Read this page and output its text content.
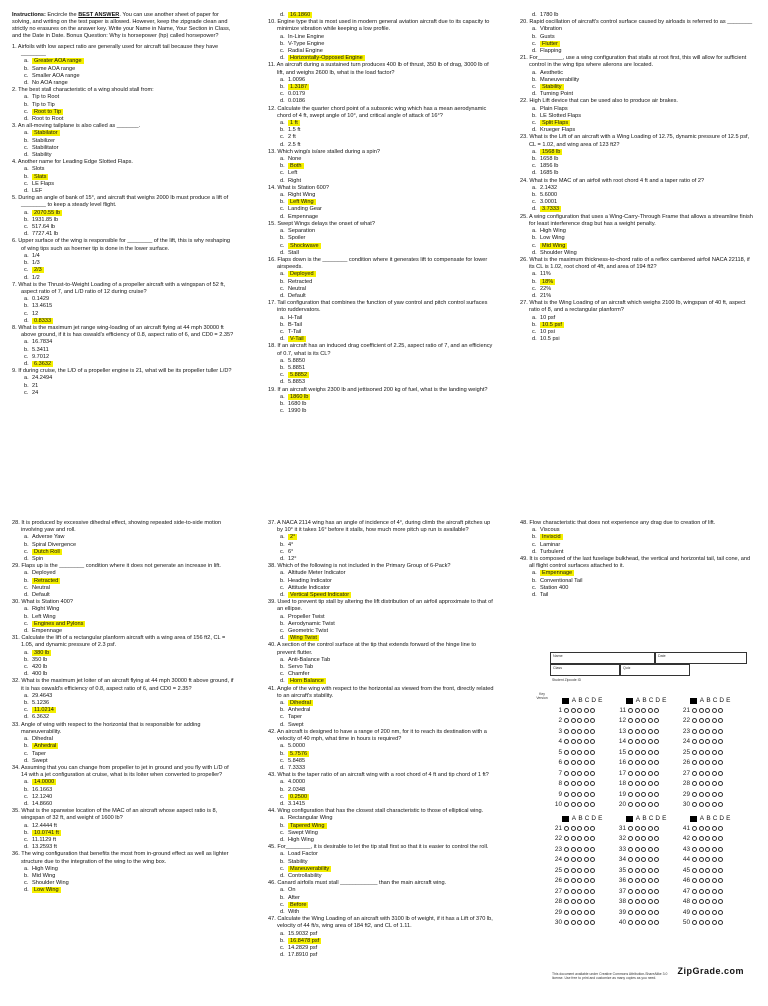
Instructions: Encircle the BEST ANSWER. You can use another sheet of paper for solving, and writing on the test paper is allowed. However, keep the zipgrade clean and strictly no erasures on the answer key. Write your Name in Name, Your Section in Class, and the Date in Date. Bonus Question: Why is horsepower (hp) called horsepower?
1. Airfoils with low aspect ratio are generally used for aircraft tail because they have ________
a. Greater AOA range
b. Same AOA range
c. Smaller AOA range
d. No AOA range
2. The best stall characteristic of a wing should stall from:
a. Tip to Root
b. Tip to Tip
c. Root to Tip
d. Root to Root
3. An all-moving tailplane is also called as _______.
a. Stabilator
b. Stabilizer
c. Stabilitator
d. Stability
4. Another name for Leading Edge Slotted Flaps.
a. Slots
b. Slats
c. LE Flaps
d. LEF
5. During an angle of bank of 15°, and aircraft that weighs 2000 lb must produce a lift of ________ to keep a steady level flight.
a. 2070.55 lb
b. 1931.85 lb
c. 517.64 lb
d. 7727.41 lb
6. Upper surface of the wing is responsible for ________ of the lift, this is why reshaping of wing tips such as hoerner tip is done in the lower surface.
a. 1/4
b. 1/3
c. 2/3
d. 1/2
7. What is the Thrust-to-Weight Loading of a propeller aircraft with a wingspan of 52 ft, aspect ratio of 7, and L/D ratio of 12 during cruise?
a. 0.1429
b. 13.4615
c. 12
d. 0.8333
8. What is the maximum jet range wing-loading of an aircraft flying at 44 mph 30000 ft above ground, if it is has oswald's efficiency of 0.8, aspect ratio of 6, and CD0 = 2.35?
a. 16.7834
b. 5.3411
c. 9.7012
d. 6.3632
9. If during cruise, the L/D of a propeller engine is 21, what will be its propeller tuller L/D?
a. 24.2494
b. 21
c. 24
d. 16.1860
10. Engine type that is most used in modern general aviation aircraft due to its capacity to minimize vibration while keeping a low profile.
a. In-Line Engine
b. V-Type Engine
c. Radial Engine
d. Horizontally-Opposed Engine
11. An aircraft during a sustained turn produces 400 lb of thrust, 350 lb of drag, 3000 lb of lift, and weighs 2600 lb, what is the load factor?
a. 1.0096
b. 1.3187
c. 0.0179
d. 0.0186
12. Calculate the quarter chord point of a subsonic wing which has a mean aerodynamic chord of 4 ft, swept angle of 10°, and critical angle of attack of 16°?
a. 1 ft
b. 1.5 ft
c. 2 ft
d. 2.5 ft
13. Which wing/s is/are stalled during a spin?
a. None
b. Both
c. Left
d. Right
14. What is Station 600?
a. Right Wing
b. Left Wing
c. Landing Gear
d. Empennage
15. Swept Wings delays the onset of what?
a. Separation
b. Spoiler
c. Shockwave
d. Stall
16. Flaps down is the ________ condition where it generates lift to compensate for lower airspeeds.
a. Deployed
b. Retracted
c. Neutral
d. Default
17. Tail configuration that combines the function of yaw control and pitch control surfaces into ruddervators.
a. H-Tail
b. B-Tail
c. T-Tail
d. V-Tail
18. If an aircraft has an induced drag coefficient of 2.25, aspect ratio of 7, and an efficiency of 0.7, what is its CL?
a. 5.8850
b. 5.8851
c. 5.8852
d. 5.8853
19. If an aircraft weighs 2300 lb and jettisoned 200 kg of fuel, what is the landing weight?
a. 1860 lb
b. 1680 lb
c. 1990 lb
d. 1780 lb
20. Rapid oscillation of aircraft's control surface caused by airloads is referred to as ________
a. Vibration
b. Gusts
c. Flutter
d. Flapping
21. For________, use a wing configuration that stalls at root first, this will allow for sufficient control in the wing tips where ailerons are located.
a. Aesthetic
b. Maneuverability
c. Stability
d. Turning Point
22. High Lift device that can be used also to produce air brakes.
a. Plain Flaps
b. LE Slotted Flaps
c. Split Flaps
d. Krueger Flaps
23. What is the Lift of an aircraft with a Wing Loading of 12.75, dynamic pressure of 12.5 psf, CL = 1.02, and wing area of 123 ft2?
a. 1568 lb
b. 1658 lb
c. 1856 lb
d. 1685 lb
24. What is the MAC of an airfoil with root chord 4 ft and a taper ratio of 2?
a. 2.1432
b. 5.6000
c. 3.0001
d. 3.7333
25. A wing configuration that uses a Wing-Carry-Through Frame that allows a streamline finish for least interference drag but has a weight penalty.
a. High Wing
b. Low Wing
c. Mid Wing
d. Shoulder Wing
26. What is the maximum thickness-to-chord ratio of a reflex cambered airfoil NACA 22118, if its CL is 1.02, root chord of 4ft, and area of 194 ft2?
a. 11%
b. 18%
c. 22%
d. 21%
27. What is the Wing Loading of an aircraft which weighs 2100 lb, wingspan of 40 ft, aspect ratio of 8, and a rectangular planform?
a. 10 psf
b. 10.5 psf
c. 10 psi
d. 10.5 psi
28. It is produced by excessive dihedral effect, showing repeated side-to-side motion involving yaw and roll.
a. Adverse Yaw
b. Spiral Divergence
c. Dutch Roll
d. Spin
29. Flaps up is the ________ condition where it does not generate an increase in lift.
a. Deployed
b. Retracted
c. Neutral
d. Default
30. What is Station 400?
a. Right Wing
b. Left Wing
c. Engines and Pylons
d. Empennage
31. Calculate the lift of a rectangular planform aircraft with a wing area of 156 ft2, CL = 1.05, and dynamic pressure of 2.3 psf.
a. 380 lb
b. 350 lb
c. 420 lb
d. 400 lb
32. What is the maximum jet loiter of an aircraft flying at 44 mph 30000 ft above ground, if it is has oswald's efficiency of 0.8, aspect ratio of 6, and CD0 = 2.35?
a. 29.4643
b. 5.1236
c. 11.0214
d. 6.3632
33. Angle of wing with respect to the horizontal that is responsible for adding maneuverability.
a. Dihedral
b. Anhedral
c. Taper
d. Swept
34. Assuming that you can change from propeller to jet in ground and you fly with L/D of 14 with a jet configuration at cruise, what is its loiter when converted to propeller?
a. 14.0000
b. 16.1663
c. 12.1240
d. 14.8660
35. What is the spanwise location of the MAC of an aircraft whose aspect ratio is 8, wingspan of 32 ft, and weight of 1600 lb?
a. 12.4444 ft
b. 10.0741 ft
c. 11.1129 ft
d. 13.2593 ft
36. The wing configuration that benefits the most from in-ground effect as well as lighter structure due to the integration of the wing to the wing box.
a. High Wing
b. Mid Wing
c. Shoulder Wing
d. Low Wing
37. A NACA 2114 wing has an angle of incidence of 4°, during climb the aircraft pitches up by 10° it it takes 16° before it stalls, how much more pitch up run is available?
a. 2°
b. 4°
c. 6°
d. 12°
38. Which of the following is not included in the Primary Group of 6-Pack?
a. Altitude Meter Indicator
b. Heading Indicator
c. Attitude Indicator
d. Vertical Speed Indicator
39. Used to prevent tip stall by altering the lift distribution of an airfoil approximate to that of an ellipse.
a. Propeller Twist
b. Aerodynamic Twist
c. Geometric Twist
d. Wing Twist
40. A section of the control surface at the tip that extends forward of the hinge line to prevent flutter.
a. Anti-Balance Tab
b. Servo Tab
c. Chamfer
d. Horn Balance
41. Angle of the wing with respect to the horizontal as viewed from the front, directly related to an aircraft's stability.
a. Dihedral
b. Anhedral
c. Taper
d. Swept
42. An aircraft is designed to have a range of 200 nm, for it to reach its destination with a velocity of 40 mph, what time in hours is required?
a. 5.0000
b. 5.7576
c. 5.8485
d. 7.3333
43. What is the taper ratio of an aircraft wing with a root chord of 4 ft and tip chord of 1 ft?
a. 4.0000
b. 2.0348
c. 0.2500
d. 3.1415
44. Wing configuration that has the closest stall characteristic to those of elliptical wing.
a. Rectangular Wing
b. Tapered Wing
c. Swept Wing
d. High Wing
45. For________, it is desirable to let the tip stall first so that it is easier to control the roll.
a. Load Factor
b. Stability
c. Maneuverability
d. Controllability
46. Canard airfoils must stall ____________ than the main aircraft wing.
a. On
b. After
c. Before
d. With
47. Calculate the Wing Loading of an aircraft with 3100 lb of weight, if it has a Lift of 370 lb, velocity of 44 ft/s, wing area of 184 ft2, and CL of 1.11.
a. 15.9032 psf
b. 16.8478 psf
c. 14.2829 psf
d. 17.8910 psf
48. Flow characteristic that does not experience any drag due to creation of lift.
a. Viscous
b. Inviscid
c. Laminar
d. Turbulent
49. It is composed of the last fuselage bulkhead, the vertical and horizontal tail, tail cone, and all flight control surfaces attached to it.
a. Empennage
b. Conventional Tail
c. Station 400
d. Tail
Name	Date
Class	Quiz
Student Zipcode ID
Key Version	A B C D E	A B C D E	A B C D E
1	11	21
2	12	22
3	13	23
4	14	24
5	15	25
6	16	26
7	17	27
8	18	28
9	19	29
10	20	30
A B C D E	A B C D E	A B C D E
21	31	41
22	32	42
23	33	43
24	34	44
25	35	45
26	36	46
27	37	47
28	38	48
29	39	49
30	40	50
This document available under Creative Commons Attribution-ShareAlike 3.0 license. Use free to print and customize as many copies as you need.
ZipGrade.com
